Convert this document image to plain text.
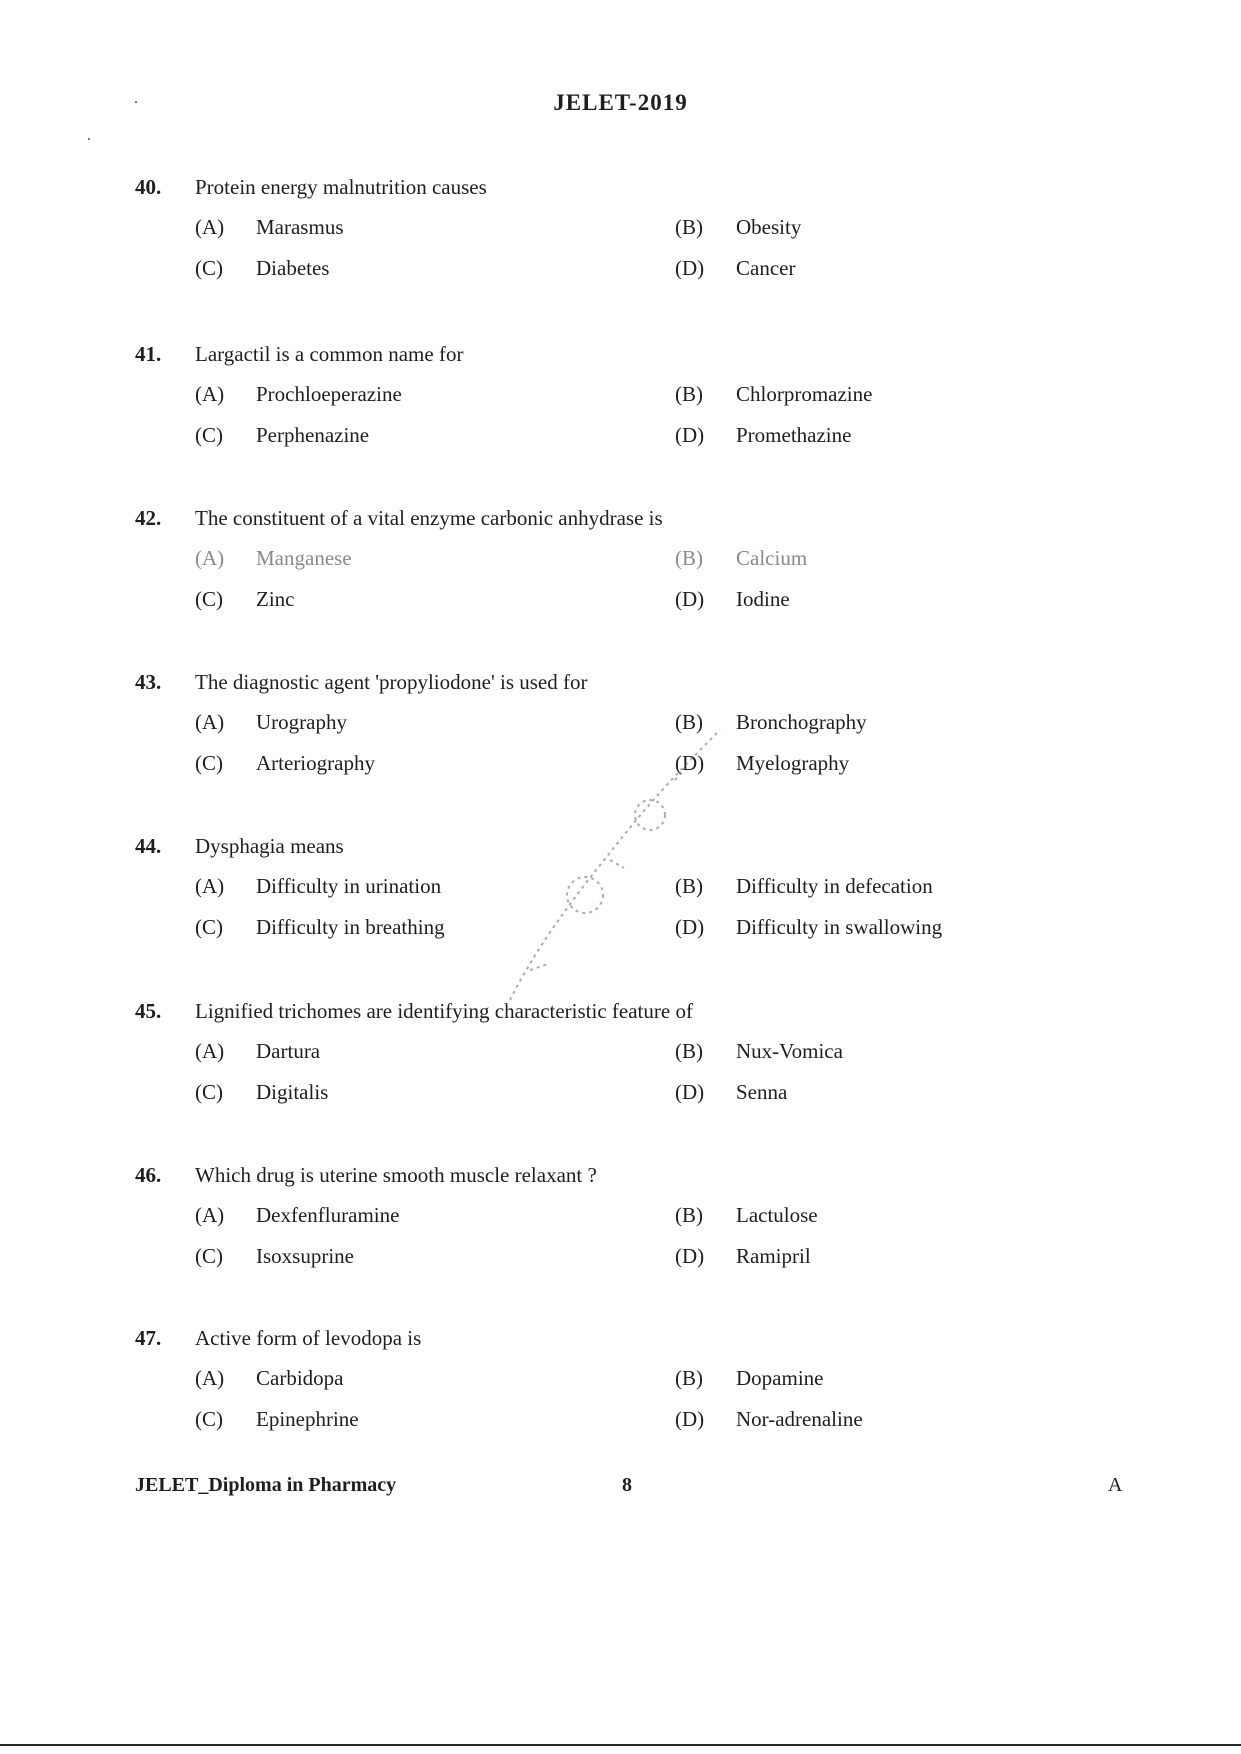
JELET-2019
40. Protein energy malnutrition causes
(A) Marasmus	(B) Obesity
(C) Diabetes	(D) Cancer
41. Largactil is a common name for
(A) Prochloeperazine	(B) Chlorpromazine
(C) Perphenazine	(D) Promethazine
42. The constituent of a vital enzyme carbonic anhydrase is
(A) Manganese	(B) Calcium
(C) Zinc	(D) Iodine
43. The diagnostic agent 'propyliodone' is used for
(A) Urography	(B) Bronchography
(C) Arteriography	(D) Myelography
44. Dysphagia means
(A) Difficulty in urination	(B) Difficulty in defecation
(C) Difficulty in breathing	(D) Difficulty in swallowing
45. Lignified trichomes are identifying characteristic feature of
(A) Dartura	(B) Nux-Vomica
(C) Digitalis	(D) Senna
46. Which drug is uterine smooth muscle relaxant ?
(A) Dexfenfluramine	(B) Lactulose
(C) Isoxsuprine	(D) Ramipril
47. Active form of levodopa is
(A) Carbidopa	(B) Dopamine
(C) Epinephrine	(D) Nor-adrenaline
JELET_Diploma in Pharmacy	8	A
